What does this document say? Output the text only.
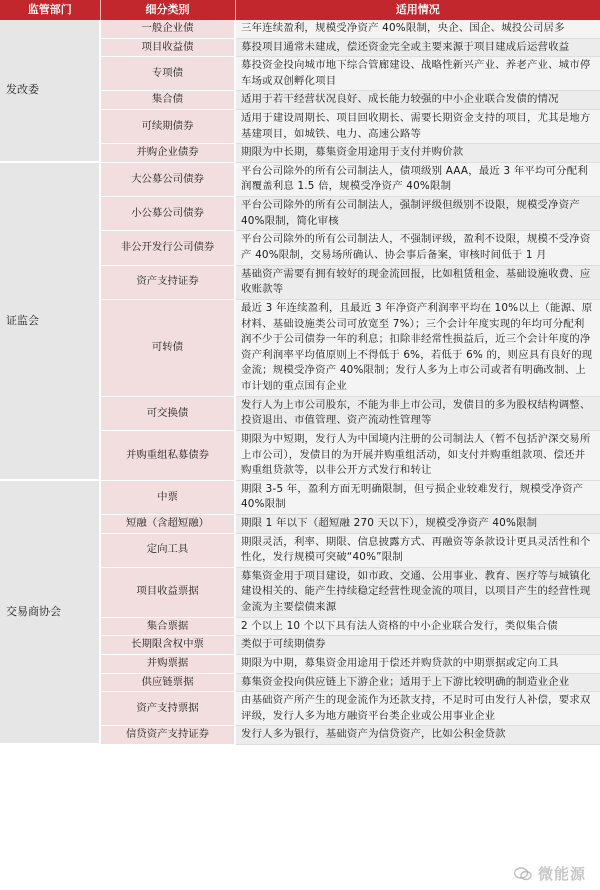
监管部门	细分类别	适用情况
发改委	一般企业债	三年连续盈利，规模受净资产 40%限制，央企、国企、城投公司居多
	项目收益债	募投项目通常未建成，偿还资金完全或主要来源于项目建成后运营收益
	专项债	募投资金投向城市地下综合管廊建设、战略性新兴产业、养老产业、城市停车场或双创孵化项目
	集合债	适用于若干经营状况良好、成长能力较强的中小企业联合发债的情况
	可续期债券	适用于建设周期长、项目回收期长、需要长期资金支持的项目，尤其是地方基建项目，如城铁、电力、高速公路等
	并购企业债券	期限为中长期，募集资金用途用于支付并购价款
证监会	大公募公司债券	平台公司除外的所有公司制法人，债项级别 AAA，最近 3 年平均可分配利润覆盖利息 1.5 倍，规模受净资产 40%限制
	小公募公司债券	平台公司除外的所有公司制法人，强制评级但级别不设限，规模受净资产 40%限制，简化审核
	非公开发行公司债券	平台公司除外的所有公司制法人，不强制评级，盈利不设限，规模不受净资产 40%限制，交易场所确认、协会事后备案，审核时间低于 1 月
	资产支持证券	基础资产需要有拥有较好的现金流回报，比如租赁租金、基础设施收费、应收账款等
	可转债	最近 3 年连续盈利，且最近 3 年净资产利润率平均在 10%以上（能源、原材料、基础设施类公司可放宽至 7%）；三个会计年度实现的年均可分配利润不少于公司债券一年的利息；扣除非经常性损益后，近三个会计年度的净资产利润率平均值原则上不得低于 6%，若低于 6% 的，则应具有良好的现金流；规模受净资产 40%限制；发行人多为上市公司或者有明确改制、上市计划的重点国有企业
	可交换债	发行人为上市公司股东，不能为非上市公司，发债目的多为股权结构调整、投资退出、市值管理、资产流动性管理等
	并购重组私募债券	期限为中短期，发行人为中国境内注册的公司制法人（暂不包括沪深交易所上市公司），发债目的为开展并购重组活动，如支付并购重组款项、偿还并购重组贷款等，以非公开方式发行和转让
交易商协会	中票	期限 3-5 年，盈利方面无明确限制，但亏损企业较难发行，规模受净资产 40%限制
	短融（含超短融）	期限 1 年以下（超短融 270 天以下），规模受净资产 40%限制
	定向工具	期限灵活，利率、期限、信息披露方式、再融资等条款设计更具灵活性和个性化，发行规模可突破“40%”限制
	项目收益票据	募集资金用于项目建设，如市政、交通、公用事业、教育、医疗等与城镇化建设相关的、能产生持续稳定经营性现金流的项目，以项目产生的经营性现金流为主要偿债来源
	集合票据	2 个以上 10 个以下具有法人资格的中小企业联合发行，类似集合债
	长期限含权中票	类似于可续期债券
	并购票据	期限为中期，募集资金用途用于偿还并购贷款的中期票据或定向工具
	供应链票据	募集资金投向供应链上下游企业；适用于上下游比较明确的制造业企业
	资产支持票据	由基础资产所产生的现金流作为还款支持，不足时可由发行人补偿，要求双评级，发行人多为地方融资平台类企业或公用事业企业
	信贷资产支持证券	发行人多为银行，基础资产为信贷资产，比如公积金贷款
微能源
